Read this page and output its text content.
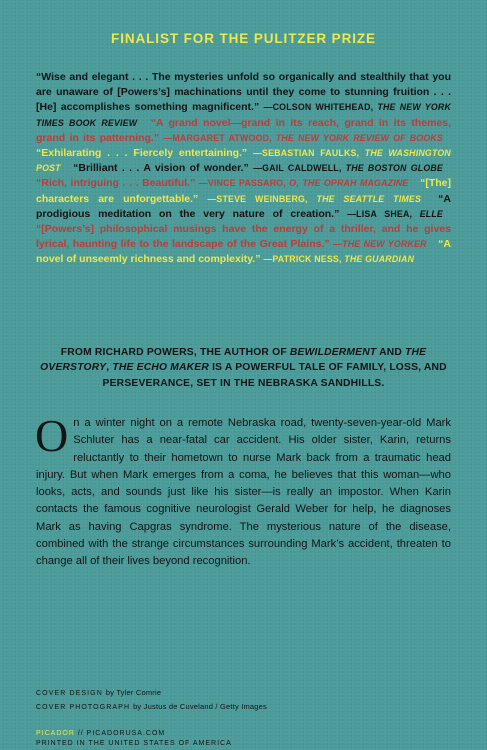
FINALIST FOR THE PULITZER PRIZE
“Wise and elegant . . . The mysteries unfold so organically and stealthily that you are unaware of [Powers’s] machinations until they come to stunning fruition . . . [He] accomplishes something magnificent.” —COLSON WHITEHEAD, THE NEW YORK TIMES BOOK REVIEW “A grand novel—grand in its reach, grand in its themes, grand in its patterning.” —MARGARET ATWOOD, THE NEW YORK REVIEW OF BOOKS “Exhilarating . . . Fiercely entertaining.” —SEBASTIAN FAULKS, THE WASHINGTON POST “Brilliant . . . A vision of wonder.” —GAIL CALDWELL, THE BOSTON GLOBE “Rich, intriguing . . . Beautiful.” —VINCE PASSARO, O, THE OPRAH MAGAZINE “[The] characters are unforgettable.” —STEVE WEINBERG, THE SEATTLE TIMES “A prodigious meditation on the very nature of creation.” —LISA SHEA, ELLE “[Powers’s] philosophical musings have the energy of a thriller, and he gives lyrical, haunting life to the landscape of the Great Plains.” —THE NEW YORKER “A novel of unseemly richness and complexity.” —PATRICK NESS, THE GUARDIAN
FROM RICHARD POWERS, THE AUTHOR OF BEWILDERMENT AND THE OVERSTORY, THE ECHO MAKER IS A POWERFUL TALE OF FAMILY, LOSS, AND PERSEVERANCE, SET IN THE NEBRASKA SANDHILLS.
On a winter night on a remote Nebraska road, twenty-seven-year-old Mark Schluter has a near-fatal car accident. His older sister, Karin, returns reluctantly to their hometown to nurse Mark back from a traumatic head injury. But when Mark emerges from a coma, he believes that this woman—who looks, acts, and sounds just like his sister—is really an impostor. When Karin contacts the famous cognitive neurologist Gerald Weber for help, he diagnoses Mark as having Capgras syndrome. The mysterious nature of the disease, combined with the strange circumstances surrounding Mark’s accident, threaten to change all of their lives beyond recognition.
COVER DESIGN by Tyler Comrie
COVER PHOTOGRAPH by Justus de Cuveland / Getty Images
PICADOR // PICADORUSA.COM
PRINTED IN THE UNITED STATES OF AMERICA
